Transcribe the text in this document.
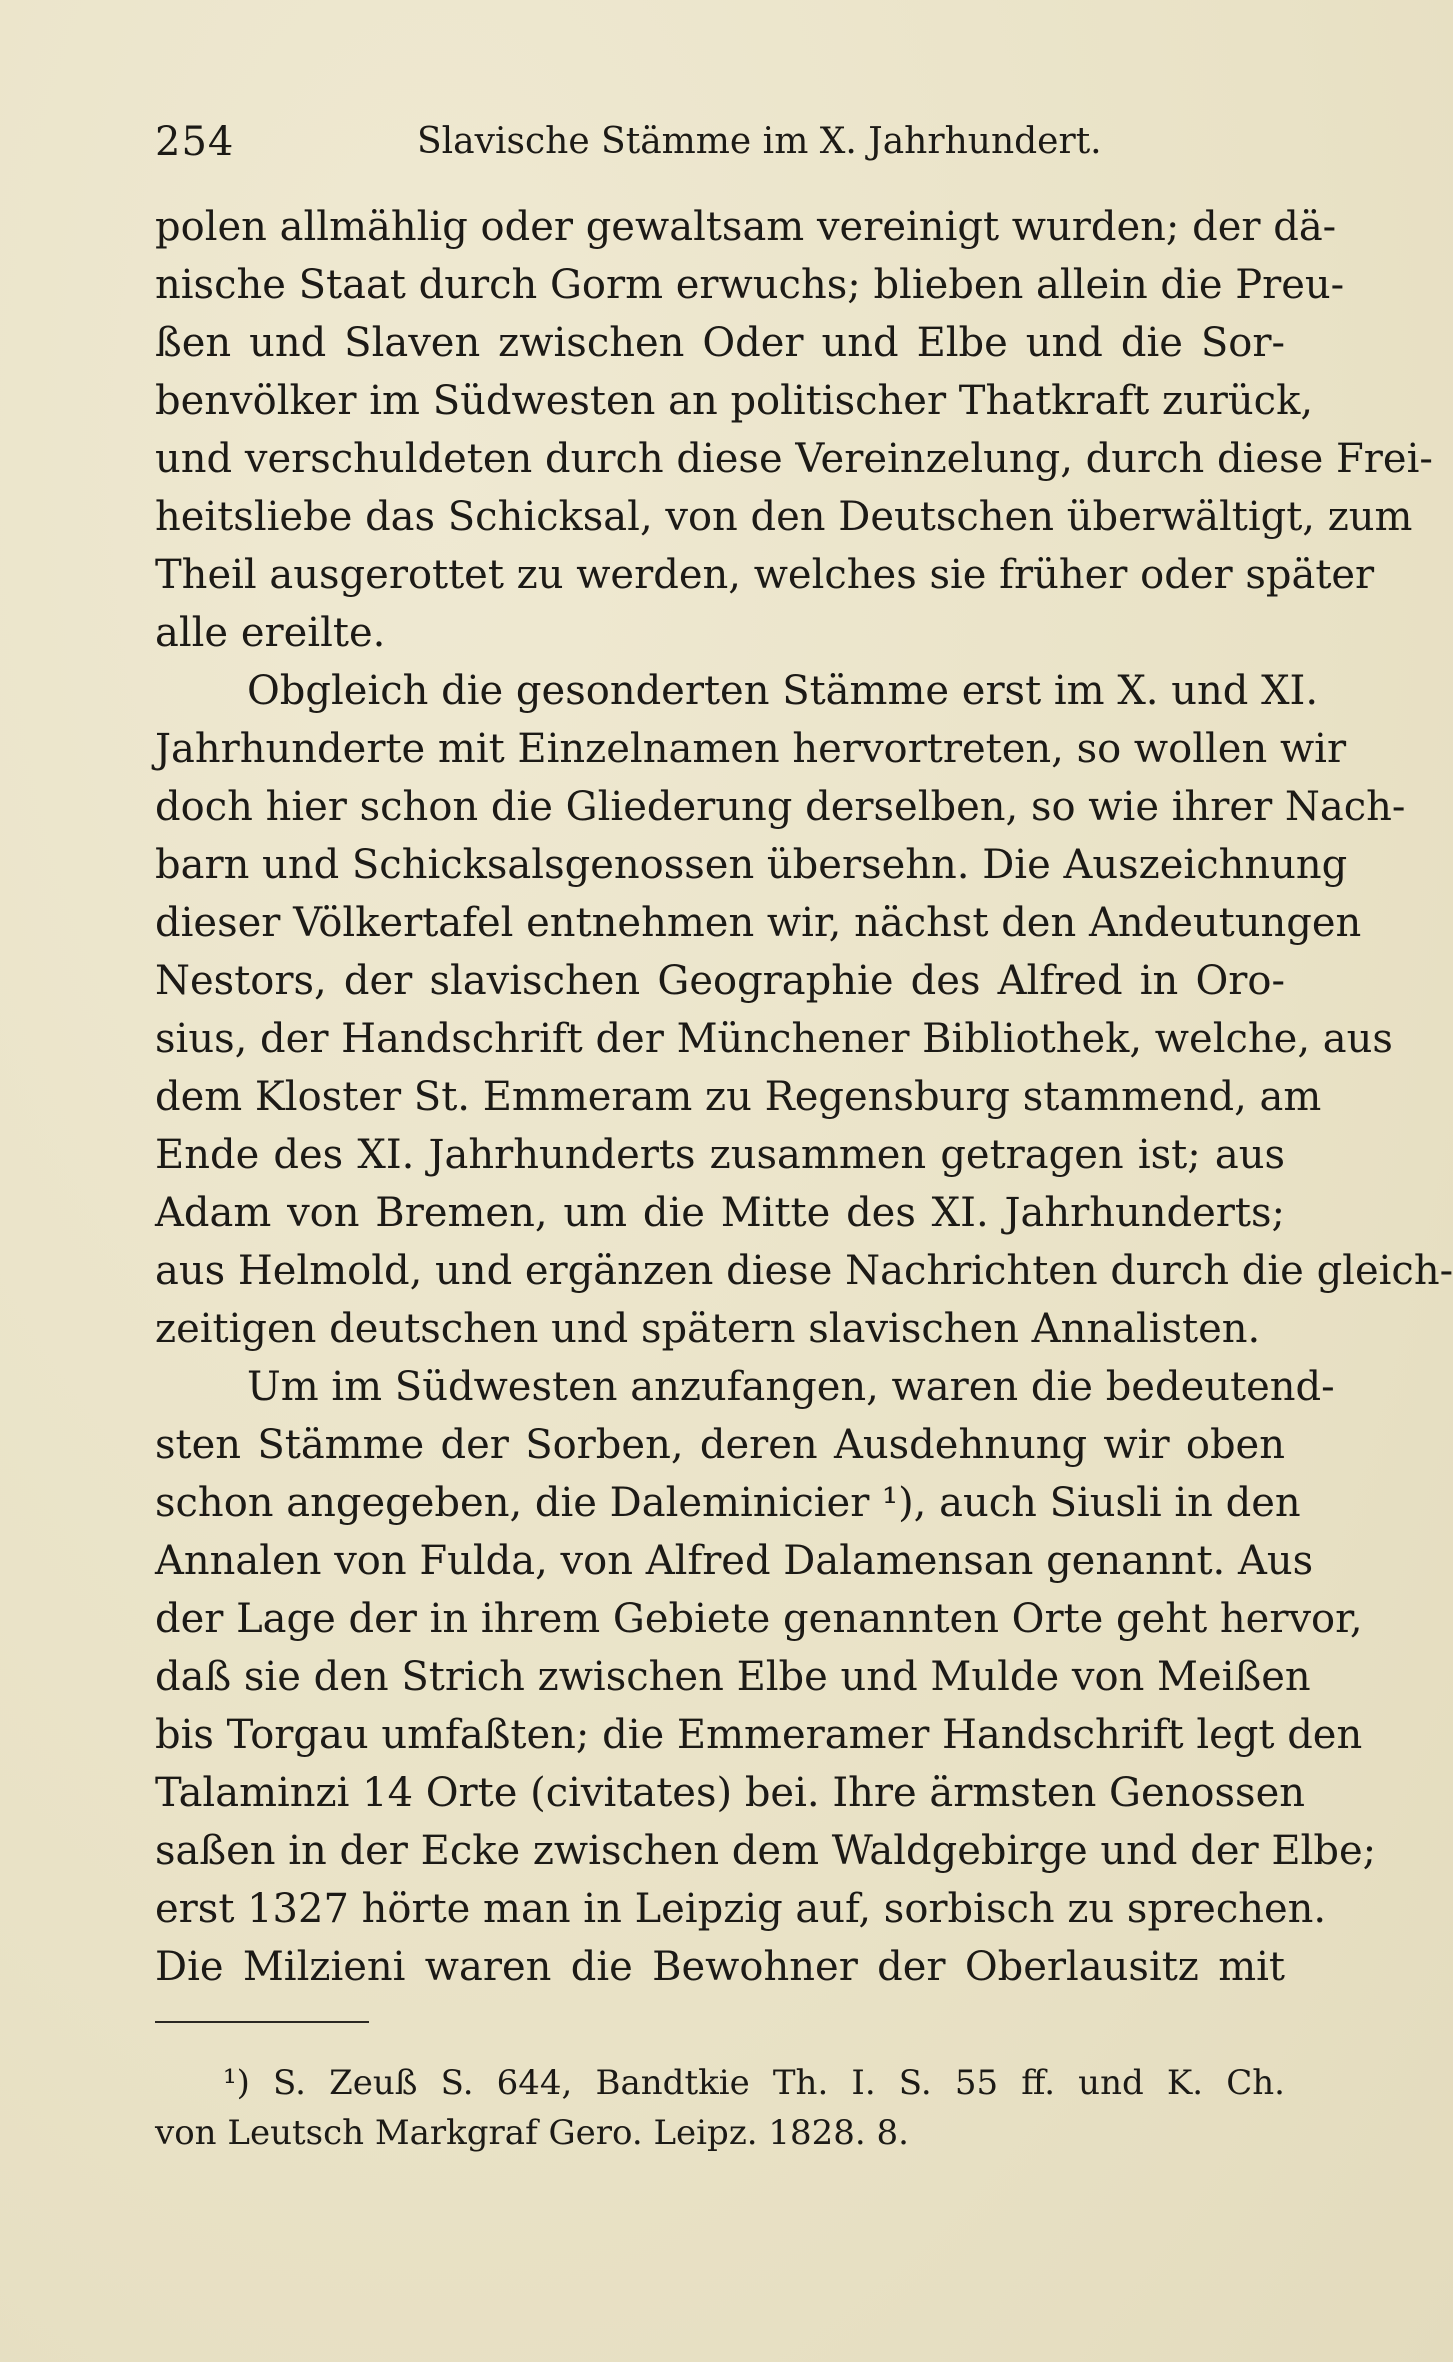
254	Slavische Stämme im X. Jahrhundert.
polen allmählig oder gewaltsam vereinigt wurden; der dä-
nische Staat durch Gorm erwuchs; blieben allein die Preu-
ßen und Slaven zwischen Oder und Elbe und die Sor-
benvölker im Südwesten an politischer Thatkraft zurück,
und verschuldeten durch diese Vereinzelung, durch diese Frei-
heitsliebe das Schicksal, von den Deutschen überwältigt, zum
Theil ausgerottet zu werden, welches sie früher oder später
alle ereilte.
Obgleich die gesonderten Stämme erst im X. und XI.
Jahrhunderte mit Einzelnamen hervortreten, so wollen wir
doch hier schon die Gliederung derselben, so wie ihrer Nach-
barn und Schicksalsgenossen übersehn. Die Auszeichnung
dieser Völkertafel entnehmen wir, nächst den Andeutungen
Nestors, der slavischen Geographie des Alfred in Oro-
sius, der Handschrift der Münchener Bibliothek, welche, aus
dem Kloster St. Emmeram zu Regensburg stammend, am
Ende des XI. Jahrhunderts zusammen getragen ist; aus
Adam von Bremen, um die Mitte des XI. Jahrhunderts;
aus Helmold, und ergänzen diese Nachrichten durch die gleich-
zeitigen deutschen und spätern slavischen Annalisten.
Um im Südwesten anzufangen, waren die bedeutend-
sten Stämme der Sorben, deren Ausdehnung wir oben
schon angegeben, die Daleminicier ¹), auch Siusli in den
Annalen von Fulda, von Alfred Dalamensan genannt. Aus
der Lage der in ihrem Gebiete genannten Orte geht hervor,
daß sie den Strich zwischen Elbe und Mulde von Meißen
bis Torgau umfaßten; die Emmeramer Handschrift legt den
Talaminzi 14 Orte (civitates) bei. Ihre ärmsten Genossen
saßen in der Ecke zwischen dem Waldgebirge und der Elbe;
erst 1327 hörte man in Leipzig auf, sorbisch zu sprechen.
Die Milzieni waren die Bewohner der Oberlausitz mit
¹) S. Zeuß S. 644, Bandtkie Th. I. S. 55 ff. und K. Ch.
von Leutsch Markgraf Gero. Leipz. 1828. 8.
